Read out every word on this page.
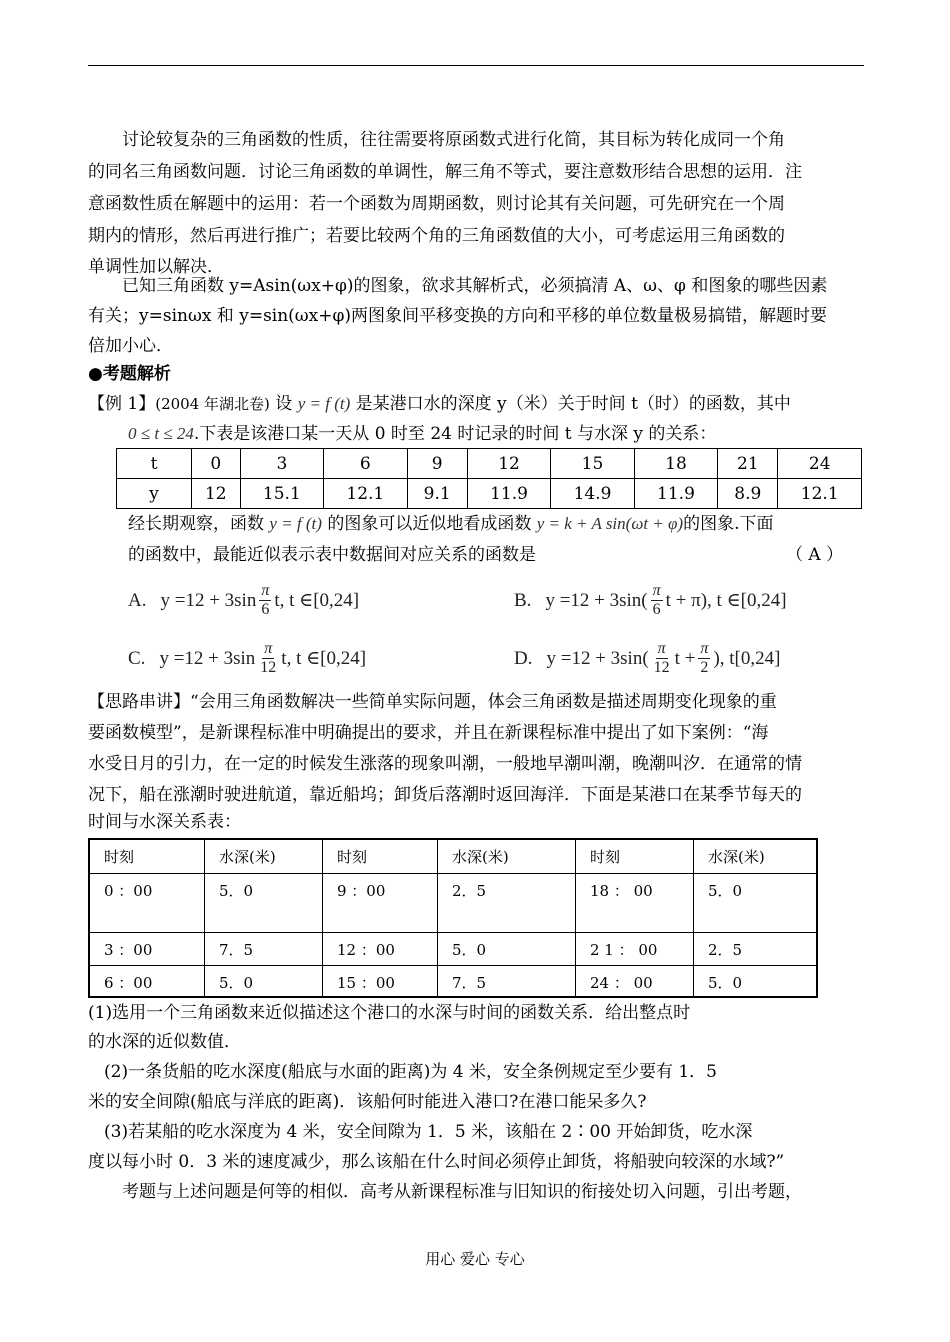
讨论较复杂的三角函数的性质，往往需要将原函数式进行化简，其目标为转化成同一个角
的同名三角函数问题．讨论三角函数的单调性，解三角不等式，要注意数形结合思想的运用．注
意函数性质在解题中的运用：若一个函数为周期函数，则讨论其有关问题，可先研究在一个周
期内的情形，然后再进行推广；若要比较两个角的三角函数值的大小，可考虑运用三角函数的
单调性加以解决．
已知三角函数 y=Asin(ωx+φ)的图象，欲求其解析式，必须搞清 A、ω、φ 和图象的哪些因素
有关；y=sinωx 和 y=sin(ωx+φ)两图象间平移变换的方向和平移的单位数量极易搞错，解题时要
倍加小心．
●考题解析
【例 1】(2004 年湖北卷) 设 y = f (t) 是某港口水的深度 y（米）关于时间 t（时）的函数，其中
0 ≤ t ≤ 24.下表是该港口某一天从 0 时至 24 时记录的时间 t 与水深 y 的关系：
t	0	3	6	9	12	15	18	21	24
y	12	15.1	12.1	9.1	11.9	14.9	11.9	8.9	12.1
经长期观察，函数 y = f (t) 的图象可以近似地看成函数 y = k + A sin(ωt + φ)的图象.下面
的函数中，最能近似表示表中数据间对应关系的函数是	（ A ）
A. $y =12 + 3\sin \frac{\pi}{6} t$, t ∈[0,24]	B. $y =12 + 3\sin( \frac{\pi}{6}$ t + π), t ∈[0,24]
C. $y =12 + 3\sin \frac{\pi}{12} t$, t ∈[0,24]	D. $y =12 + 3\sin( \frac{\pi}{12}$ $t + \frac{\pi}{2}$ ), t[0,24]
【思路串讲】“会用三角函数解决一些简单实际问题，体会三角函数是描述周期变化现象的重
要函数模型”，是新课程标准中明确提出的要求，并且在新课程标准中提出了如下案例：“海
水受日月的引力，在一定的时候发生涨落的现象叫潮，一般地早潮叫潮，晚潮叫汐．在通常的情
况下，船在涨潮时驶进航道，靠近船坞；卸货后落潮时返回海洋．下面是某港口在某季节每天的
时间与水深关系表：
时刻	水深(米)	时刻	水深(米)	时刻	水深(米)
0 ：00	5．0	9 ：00	2．5	18 ： 00	5．0
3 ：00	7．5	12 ：00	5．0	2 1 ： 00	2．5
6 ：00	5．0	15 ：00	7．5	24 ： 00	5．0
(1)选用一个三角函数来近似描述这个港口的水深与时间的函数关系．给出整点时
的水深的近似数值．
(2)一条货船的吃水深度(船底与水面的距离)为 4 米，安全条例规定至少要有 1．5
米的安全间隙(船底与洋底的距离)．该船何时能进入港口?在港口能呆多久?
(3)若某船的吃水深度为 4 米，安全间隙为 1．5 米，该船在 2∶00 开始卸货，吃水深
度以每小时 0．3 米的速度减少，那么该船在什么时间必须停止卸货，将船驶向较深的水域?”
考题与上述问题是何等的相似．高考从新课程标准与旧知识的衔接处切入问题，引出考题，
用心 爱心 专心
